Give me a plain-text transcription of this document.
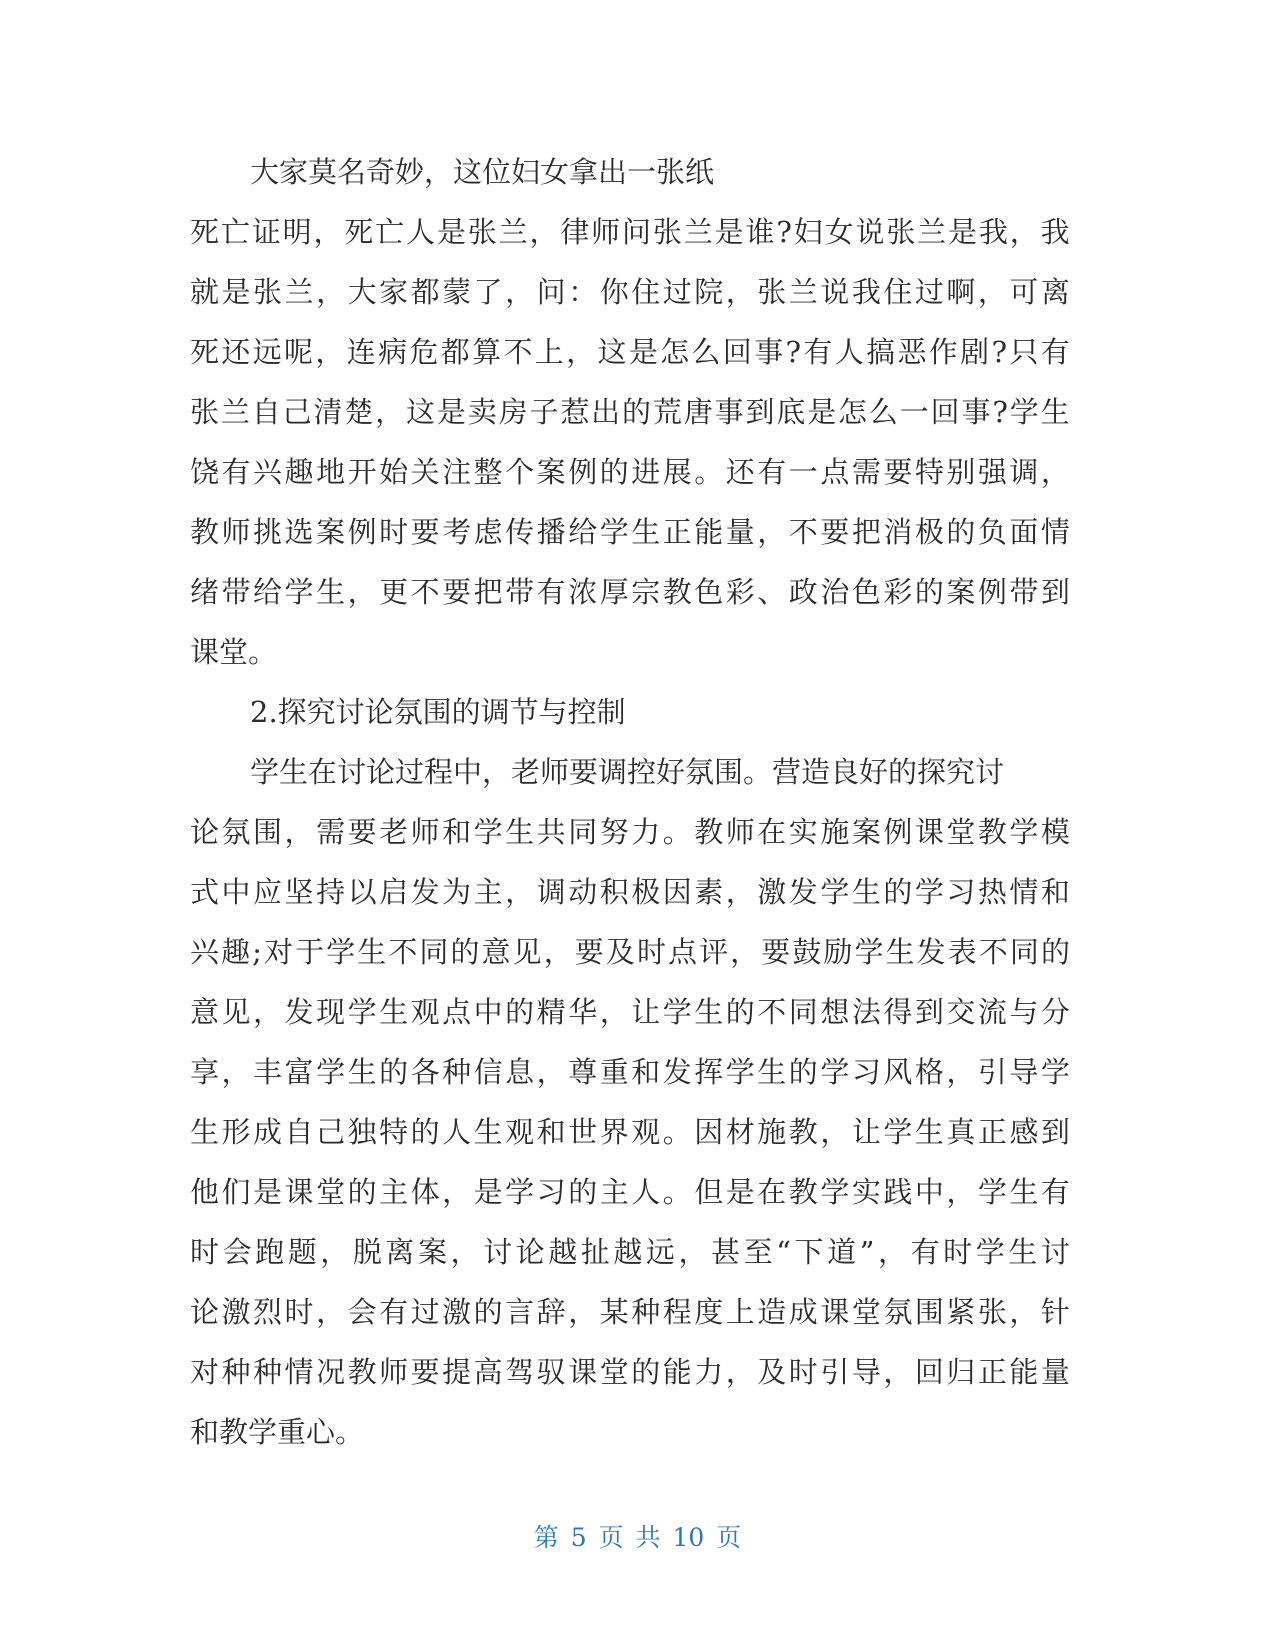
大家莫名奇妙，这位妇女拿出一张纸
死 亡 证 明 ， 死 亡 人 是 张 兰 ， 律 师 问 张 兰 是 谁 ? 妇 女 说 张 兰 是 我 ， 我
就 是 张 兰 ， 大 家 都 蒙 了 ， 问 ： 你 住 过 院 ， 张 兰 说 我 住 过 啊 ， 可 离
死 还 远 呢 ， 连 病 危 都 算 不 上 ， 这 是 怎 么 回 事 ? 有 人 搞 恶 作 剧 ? 只 有
张 兰 自 己 清 楚 ， 这 是 卖 房 子 惹 出 的 荒 唐 事 到 底 是 怎 么 一 回 事 ? 学 生
饶 有 兴 趣 地 开 始 关 注 整 个 案 例 的 进 展 。 还 有 一 点 需 要 特 别 强 调 ，
教 师 挑 选 案 例 时 要 考 虑 传 播 给 学 生 正 能 量 ， 不 要 把 消 极 的 负 面 情
绪 带 给 学 生 ， 更 不 要 把 带 有 浓 厚 宗 教 色 彩 、 政 治 色 彩 的 案 例 带 到
课堂。
2.探究讨论氛围的调节与控制
学生在讨论过程中，老师要调控好氛围。营造良好的探究讨
论 氛 围 ， 需 要 老 师 和 学 生 共 同 努 力 。 教 师 在 实 施 案 例 课 堂 教 学 模
式 中 应 坚 持 以 启 发 为 主 ， 调 动 积 极 因 素 ， 激 发 学 生 的 学 习 热 情 和
兴 趣 ; 对 于 学 生 不 同 的 意 见 ， 要 及 时 点 评 ， 要 鼓 励 学 生 发 表 不 同 的
意 见 ， 发 现 学 生 观 点 中 的 精 华 ， 让 学 生 的 不 同 想 法 得 到 交 流 与 分
享 ， 丰 富 学 生 的 各 种 信 息 ， 尊 重 和 发 挥 学 生 的 学 习 风 格 ， 引 导 学
生 形 成 自 己 独 特 的 人 生 观 和 世 界 观 。 因 材 施 教 ， 让 学 生 真 正 感 到
他 们 是 课 堂 的 主 体 ， 是 学 习 的 主 人 。 但 是 在 教 学 实 践 中 ， 学 生 有
时 会 跑 题 ， 脱 离 案 ， 讨 论 越 扯 越 远 ， 甚 至 “ 下 道 ” ， 有 时 学 生 讨
论 激 烈 时 ， 会 有 过 激 的 言 辞 ， 某 种 程 度 上 造 成 课 堂 氛 围 紧 张 ， 针
对 种 种 情 况 教 师 要 提 高 驾 驭 课 堂 的 能 力 ， 及 时 引 导 ， 回 归 正 能 量
和教学重心。
第 5 页 共 10 页
